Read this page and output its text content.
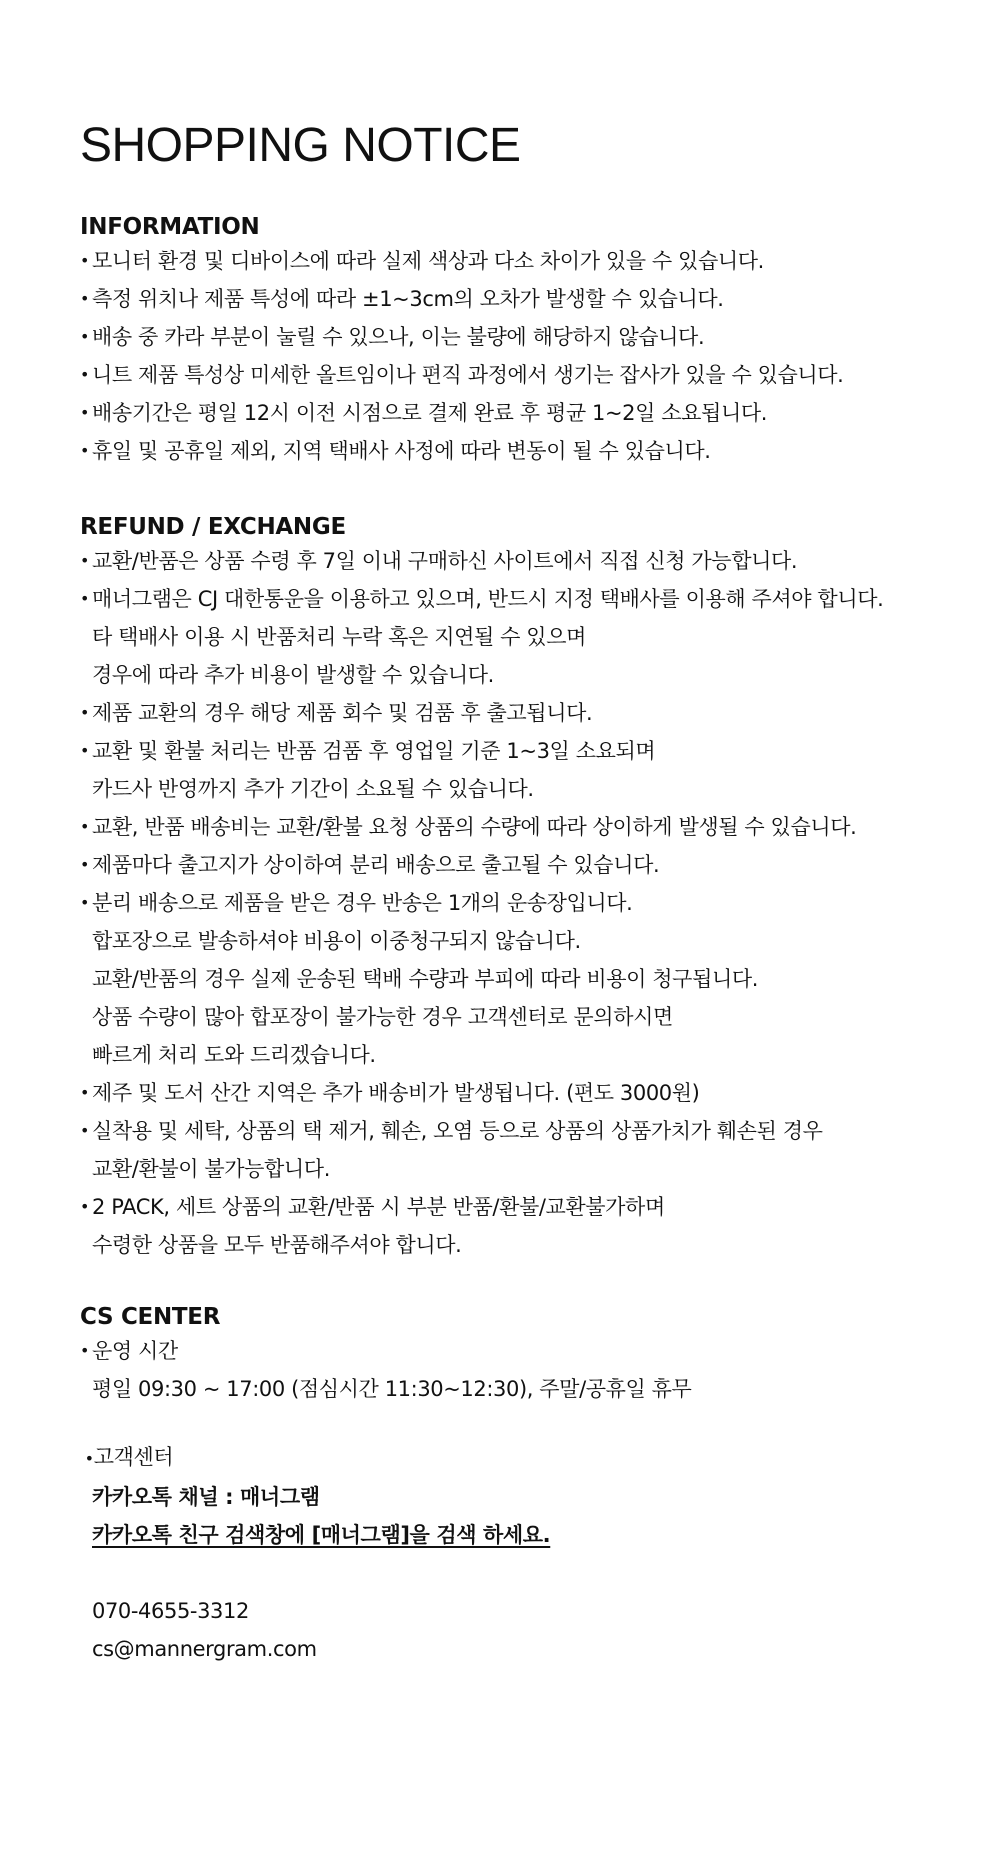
SHOPPING NOTICE
INFORMATION
• 모니터 환경 및 디바이스에 따라 실제 색상과 다소 차이가 있을 수 있습니다.
• 측정 위치나 제품 특성에 따라 ±1~3cm의 오차가 발생할 수 있습니다.
• 배송 중 카라 부분이 눌릴 수 있으나, 이는 불량에 해당하지 않습니다.
• 니트 제품 특성상 미세한 올트임이나 편직 과정에서 생기는 잡사가 있을 수 있습니다.
• 배송기간은 평일 12시 이전 시점으로 결제 완료 후 평균 1~2일 소요됩니다.
• 휴일 및 공휴일 제외, 지역 택배사 사정에 따라 변동이 될 수 있습니다.
REFUND / EXCHANGE
• 교환/반품은 상품 수령 후 7일 이내 구매하신 사이트에서 직접 신청 가능합니다.
• 매너그램은 CJ 대한통운을 이용하고 있으며, 반드시 지정 택배사를 이용해 주셔야 합니다.
타 택배사 이용 시 반품처리 누락 혹은 지연될 수 있으며
경우에 따라 추가 비용이 발생할 수 있습니다.
• 제품 교환의 경우 해당 제품 회수 및 검품 후 출고됩니다.
• 교환 및 환불 처리는 반품 검품 후 영업일 기준 1~3일 소요되며
카드사 반영까지 추가 기간이 소요될 수 있습니다.
• 교환, 반품 배송비는 교환/환불 요청 상품의 수량에 따라 상이하게 발생될 수 있습니다.
• 제품마다 출고지가 상이하여 분리 배송으로 출고될 수 있습니다.
• 분리 배송으로 제품을 받은 경우 반송은 1개의 운송장입니다.
합포장으로 발송하셔야 비용이 이중청구되지 않습니다.
교환/반품의 경우 실제 운송된 택배 수량과 부피에 따라 비용이 청구됩니다.
상품 수량이 많아 합포장이 불가능한 경우 고객센터로 문의하시면
빠르게 처리 도와 드리겠습니다.
• 제주 및 도서 산간 지역은 추가 배송비가 발생됩니다. (편도 3000원)
• 실착용 및 세탁, 상품의 택 제거, 훼손, 오염 등으로 상품의 상품가치가 훼손된 경우
교환/환불이 불가능합니다.
• 2 PACK, 세트 상품의 교환/반품 시 부분 반품/환불/교환불가하며
수령한 상품을 모두 반품해주셔야 합니다.
CS CENTER
• 운영 시간
평일 09:30 ~ 17:00 (점심시간 11:30~12:30), 주말/공휴일 휴무
•고객센터
카카오톡 채널 : 매너그램
카카오톡 친구 검색창에 [매너그램]을 검색 하세요.
070-4655-3312
cs@mannergram.com
